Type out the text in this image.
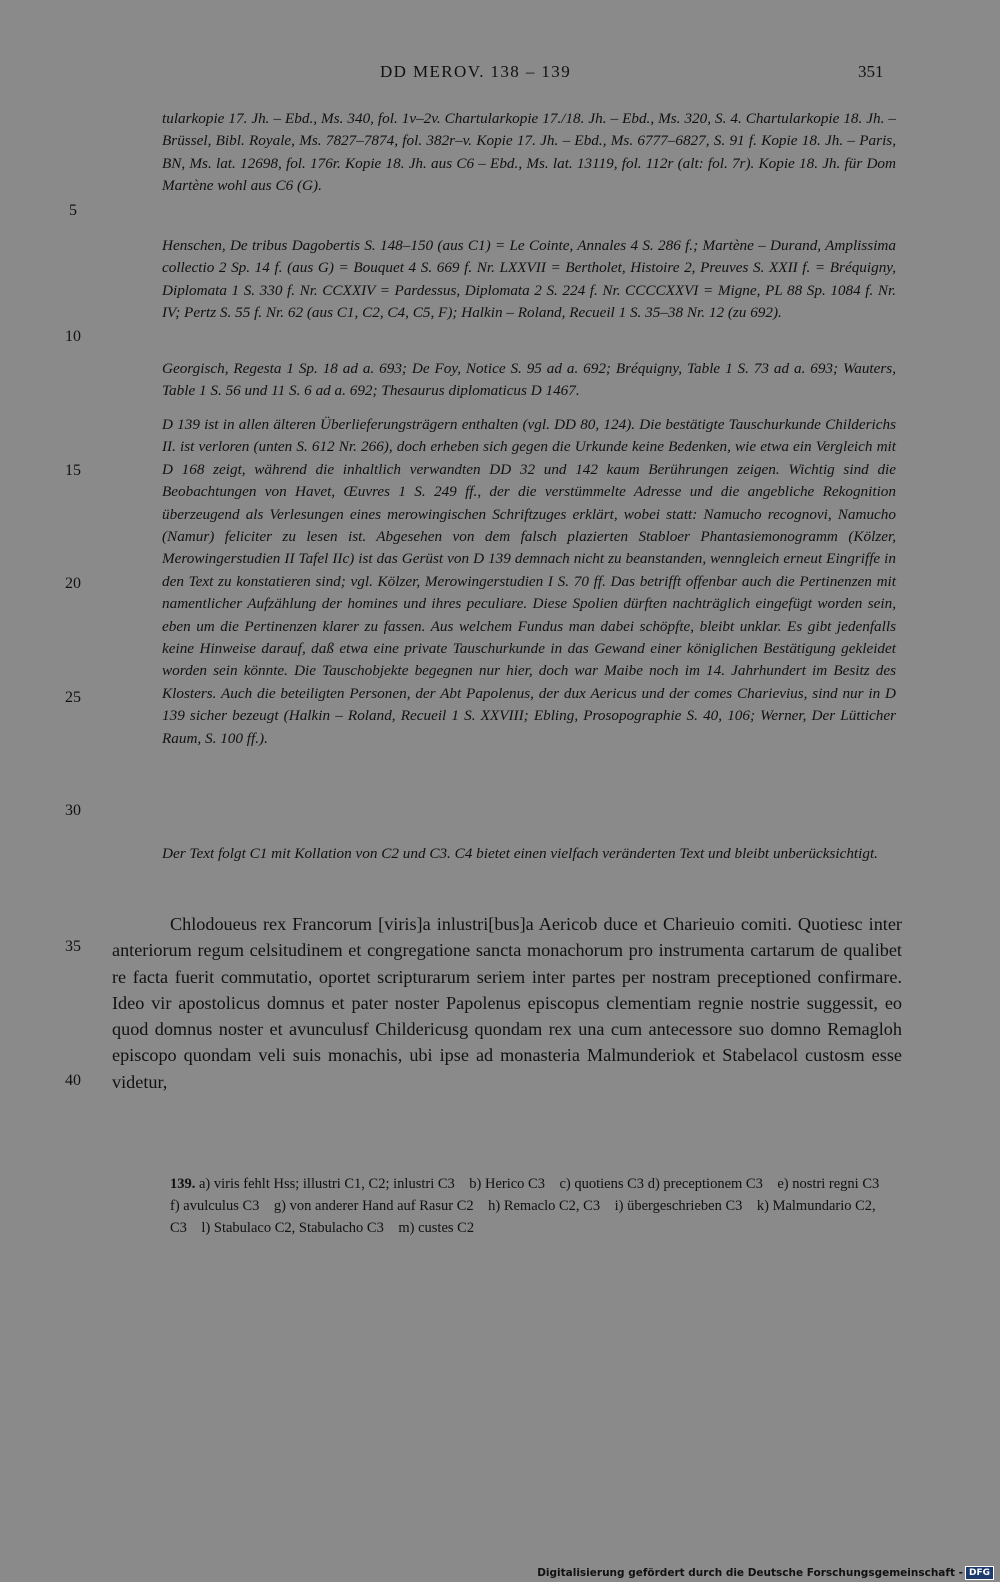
DD MEROV. 138 – 139	351
5
10
15
20
25
30
35
40

tularkopie 17. Jh. – Ebd., Ms. 340, fol. 1v–2v. Chartularkopie 17./18. Jh. – Ebd., Ms. 320, S. 4. Chartularkopie 18. Jh. – Brüssel, Bibl. Royale, Ms. 7827–7874, fol. 382r–v. Kopie 17. Jh. – Ebd., Ms. 6777–6827, S. 91 f. Kopie 18. Jh. – Paris, BN, Ms. lat. 12698, fol. 176r. Kopie 18. Jh. aus C6 – Ebd., Ms. lat. 13119, fol. 112r (alt: fol. 7r). Kopie 18. Jh. für Dom Martène wohl aus C6 (G).

Henschen, De tribus Dagobertis S. 148–150 (aus C1) = Le Cointe, Annales 4 S. 286 f.; Martène – Durand, Amplissima collectio 2 Sp. 14 f. (aus G) = Bouquet 4 S. 669 f. Nr. LXXVII = Bertholet, Histoire 2, Preuves S. XXII f. = Bréquigny, Diplomata 1 S. 330 f. Nr. CCXXIV = Pardessus, Diplomata 2 S. 224 f. Nr. CCCCXXVI = Migne, PL 88 Sp. 1084 f. Nr. IV; Pertz S. 55 f. Nr. 62 (aus C1, C2, C4, C5, F); Halkin – Roland, Recueil 1 S. 35–38 Nr. 12 (zu 692).

Georgisch, Regesta 1 Sp. 18 ad a. 693; De Foy, Notice S. 95 ad a. 692; Bréquigny, Table 1 S. 73 ad a. 693; Wauters, Table 1 S. 56 und 11 S. 6 ad a. 692; Thesaurus diplomaticus D 1467.

D 139 ist in allen älteren Überlieferungsträgern enthalten (vgl. DD 80, 124). Die bestätigte Tauschurkunde Childerichs II. ist verloren (unten S. 612 Nr. 266), doch erheben sich gegen die Urkunde keine Bedenken, wie etwa ein Vergleich mit D 168 zeigt, während die inhaltlich verwandten DD 32 und 142 kaum Berührungen zeigen. Wichtig sind die Beobachtungen von Havet, Œuvres 1 S. 249 ff., der die verstümmelte Adresse und die angebliche Rekognition überzeugend als Verlesungen eines merowingischen Schriftzuges erklärt, wobei statt: Namucho recognovi, Namucho (Namur) feliciter zu lesen ist. Abgesehen von dem falsch plazierten Stabloer Phantasiemonogramm (Kölzer, Merowingerstudien II Tafel IIc) ist das Gerüst von D 139 demnach nicht zu beanstanden, wenngleich erneut Eingriffe in den Text zu konstatieren sind; vgl. Kölzer, Merowingerstudien I S. 70 ff. Das betrifft offenbar auch die Pertinenzen mit namentlicher Aufzählung der homines und ihres peculiare. Diese Spolien dürften nachträglich eingefügt worden sein, eben um die Pertinenzen klarer zu fassen. Aus welchem Fundus man dabei schöpfte, bleibt unklar. Es gibt jedenfalls keine Hinweise darauf, daß etwa eine private Tauschurkunde in das Gewand einer königlichen Bestätigung gekleidet worden sein könnte. Die Tauschobjekte begegnen nur hier, doch war Maibe noch im 14. Jahrhundert im Besitz des Klosters. Auch die beteiligten Personen, der Abt Papolenus, der dux Aericus und der comes Charievius, sind nur in D 139 sicher bezeugt (Halkin – Roland, Recueil 1 S. XXVIII; Ebling, Prosopographie S. 40, 106; Werner, Der Lütticher Raum, S. 100 ff.).

Der Text folgt C1 mit Kollation von C2 und C3. C4 bietet einen vielfach veränderten Text und bleibt unberücksichtigt.

Chlodoueus rex Francorum [viris]a inlustri[bus]a Aericob duce et Charieuio comiti. Quotiesc inter anteriorum regum celsitudinem et congregatione sancta monachorum pro instrumenta cartarum de qualibet re facta fuerit commutatio, oportet scripturarum seriem inter partes per nostram preceptioned confirmare. Ideo vir apostolicus domnus et pater noster Papolenus episcopus clementiam regnie nostrie suggessit, eo quod domnus noster et avunculusf Childericusg quondam rex una cum antecessore suo domno Remagloh episcopo quondam veli suis monachis, ubi ipse ad monasteria Malmunderiok et Stabelacol custosm esse videtur,

139. a) viris fehlt Hss; illustri C1, C2; inlustri C3 b) Herico C3 c) quotiens C3 d) preceptionem C3 e) nostri regni C3    f) avulculus C3 g) von anderer Hand auf Rasur C2 h) Remaclo C2, C3 i) übergeschrieben C3 k) Malmundario C2, C3 l) Stabulaco C2, Stabulacho C3 m) custes C2
Digitalisierung gefördert durch die Deutsche Forschungsgemeinschaft - DFG
